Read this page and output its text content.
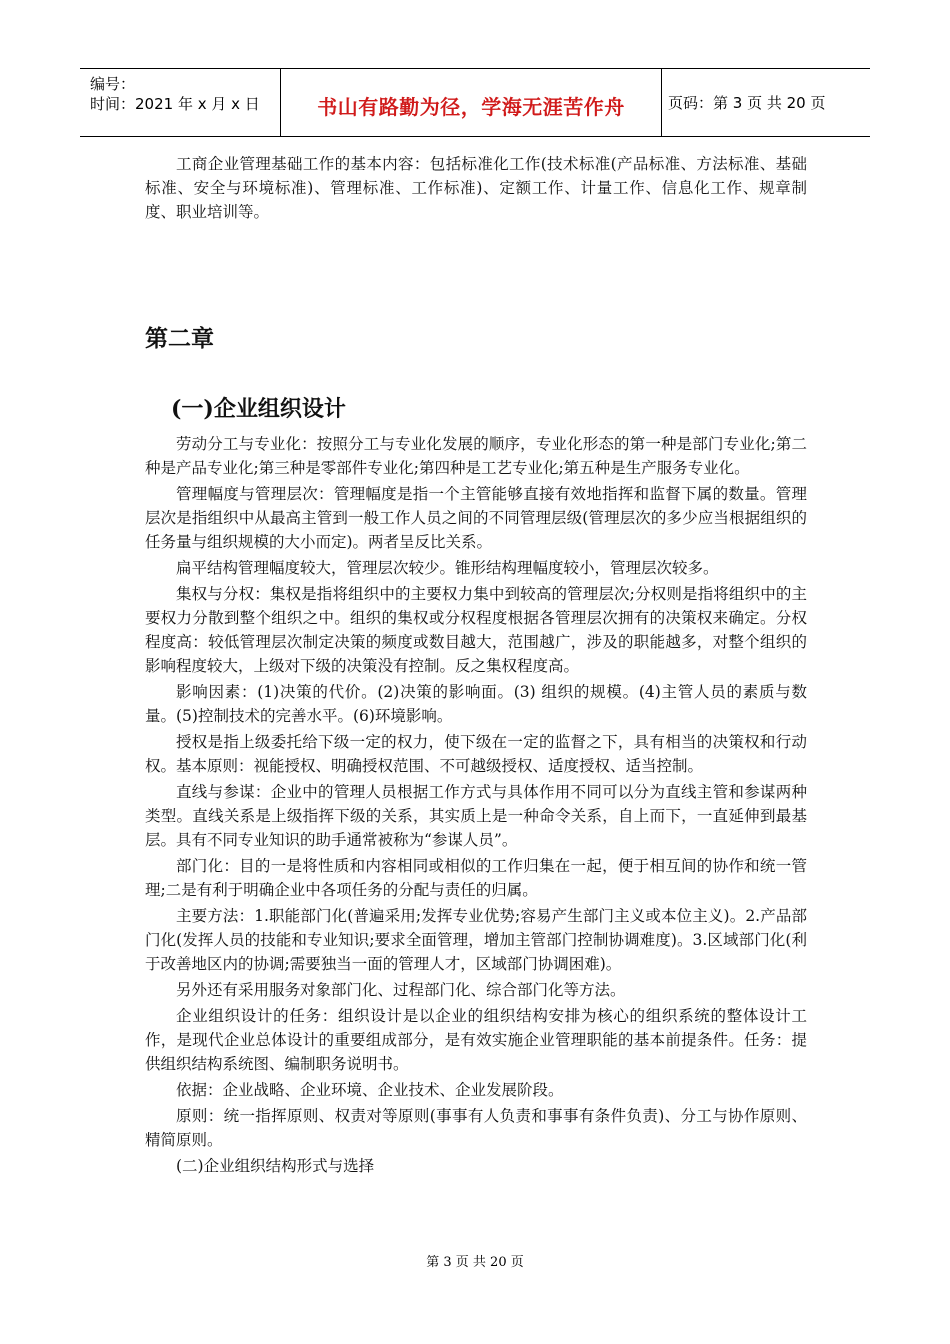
编号：
时间：2021 年 x 月 x 日	书山有路勤为径，学海无涯苦作舟	页码：第 3 页 共 20 页

工商企业管理基础工作的基本内容：包括标准化工作(技术标准(产品标准、方法标准、基础标准、安全与环境标准)、管理标准、工作标准)、定额工作、计量工作、信息化工作、规章制度、职业培训等。

第二章
(一)企业组织设计

劳动分工与专业化：按照分工与专业化发展的顺序，专业化形态的第一种是部门专业化;第二种是产品专业化;第三种是零部件专业化;第四种是工艺专业化;第五种是生产服务专业化。

管理幅度与管理层次：管理幅度是指一个主管能够直接有效地指挥和监督下属的数量。管理层次是指组织中从最高主管到一般工作人员之间的不同管理层级(管理层次的多少应当根据组织的任务量与组织规模的大小而定)。两者呈反比关系。

扁平结构管理幅度较大，管理层次较少。锥形结构理幅度较小，管理层次较多。

集权与分权：集权是指将组织中的主要权力集中到较高的管理层次;分权则是指将组织中的主要权力分散到整个组织之中。组织的集权或分权程度根据各管理层次拥有的决策权来确定。分权程度高：较低管理层次制定决策的频度或数目越大，范围越广，涉及的职能越多，对整个组织的影响程度较大，上级对下级的决策没有控制。反之集权程度高。

影响因素：(1)决策的代价。(2)决策的影响面。(3) 组织的规模。(4)主管人员的素质与数量。(5)控制技术的完善水平。(6)环境影响。

授权是指上级委托给下级一定的权力，使下级在一定的监督之下，具有相当的决策权和行动权。基本原则：视能授权、明确授权范围、不可越级授权、适度授权、适当控制。

直线与参谋：企业中的管理人员根据工作方式与具体作用不同可以分为直线主管和参谋两种类型。直线关系是上级指挥下级的关系，其实质上是一种命令关系，自上而下，一直延伸到最基层。具有不同专业知识的助手通常被称为“参谋人员”。

部门化：目的一是将性质和内容相同或相似的工作归集在一起，便于相互间的协作和统一管理;二是有利于明确企业中各项任务的分配与责任的归属。

主要方法：1.职能部门化(普遍采用;发挥专业优势;容易产生部门主义或本位主义)。2.产品部门化(发挥人员的技能和专业知识;要求全面管理，增加主管部门控制协调难度)。3.区域部门化(利于改善地区内的协调;需要独当一面的管理人才，区域部门协调困难)。

另外还有采用服务对象部门化、过程部门化、综合部门化等方法。

企业组织设计的任务：组织设计是以企业的组织结构安排为核心的组织系统的整体设计工作，是现代企业总体设计的重要组成部分，是有效实施企业管理职能的基本前提条件。任务：提供组织结构系统图、编制职务说明书。

依据：企业战略、企业环境、企业技术、企业发展阶段。

原则：统一指挥原则、权责对等原则(事事有人负责和事事有条件负责)、分工与协作原则、精简原则。

(二)企业组织结构形式与选择

第 3 页 共 20 页
